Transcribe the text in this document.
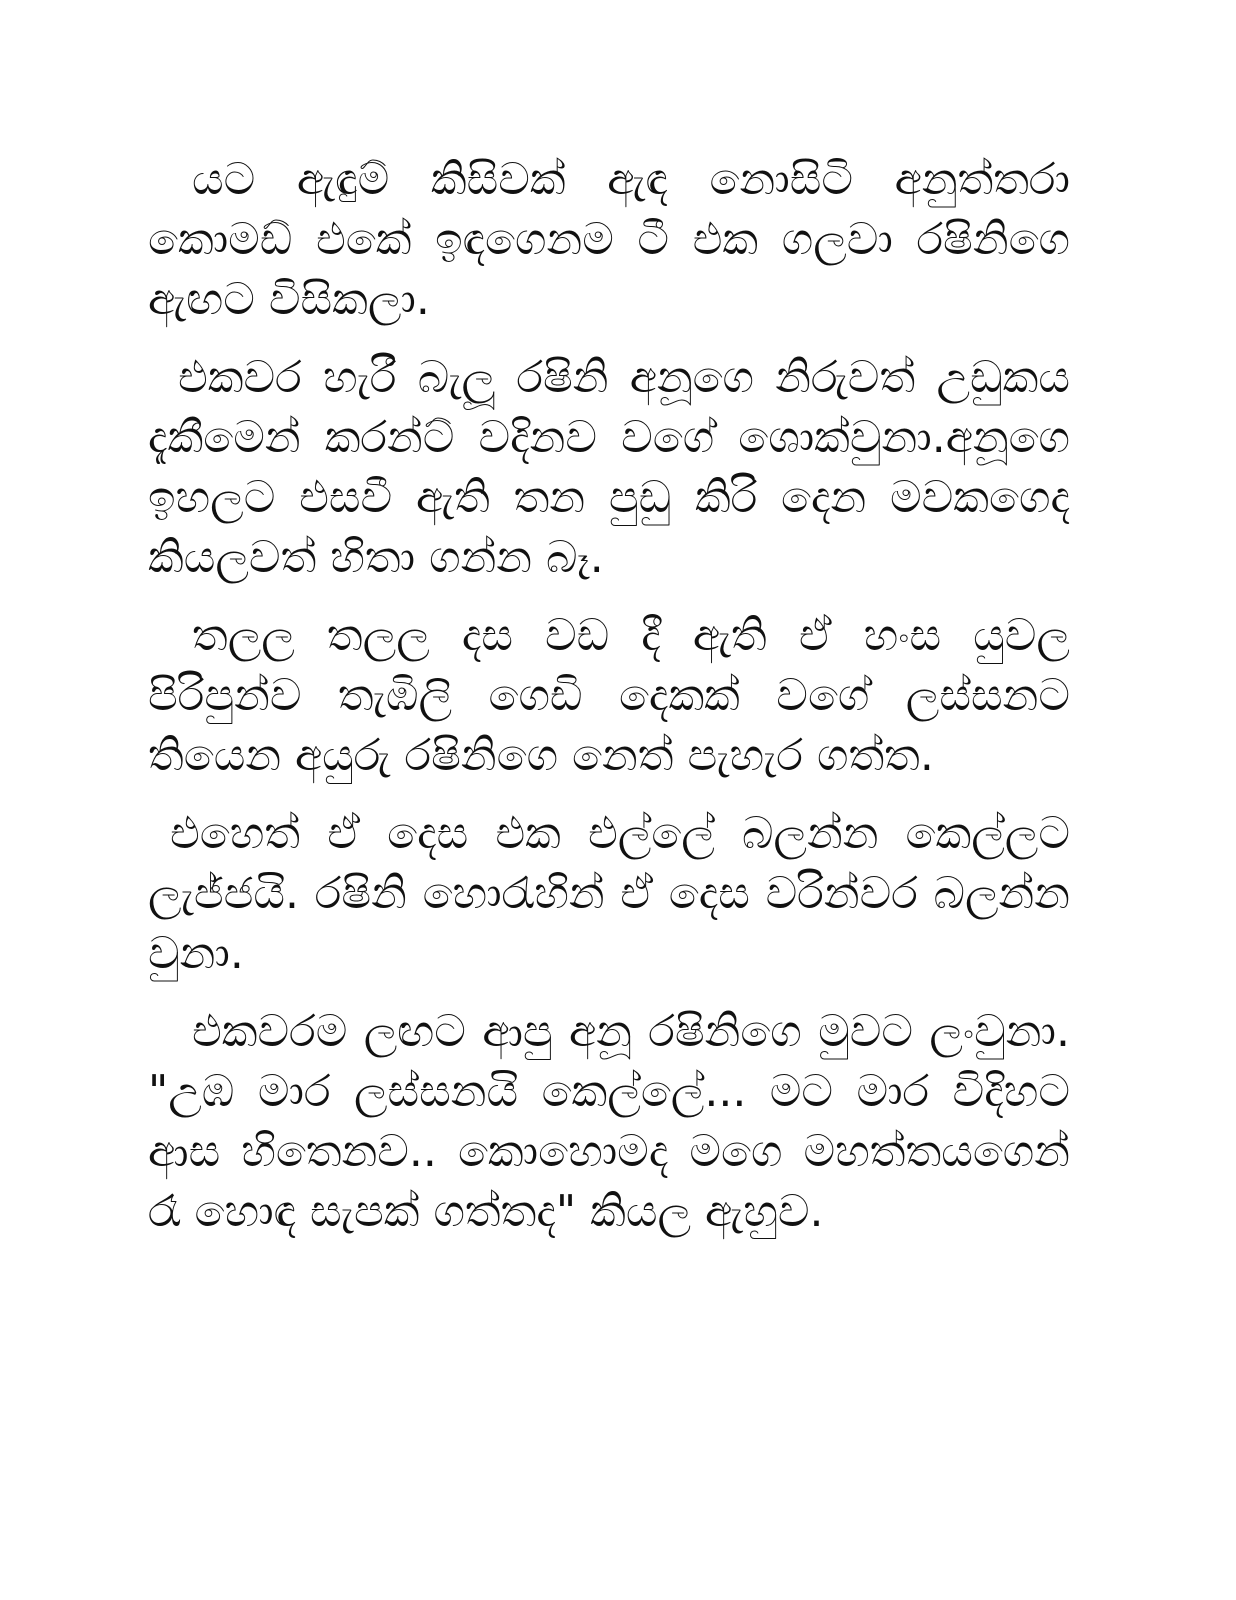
යට ඇඳුම් කිසිවක් ඇඳ නොසිටි අනුත්තරා කොමඩ් එකේ ඉඳගෙනම ටී එක ගලවා රෂිනිගෙ ඇඟට විසිකලා.

එකවර හැරී බැලූ රෂිනි අනූගෙ නිරුවත් උඩුකය දැකීමෙන් කරන්ට් වදිනව වගේ ශොක්වුනා.අනූගෙ ඉහලට එසවී ඇති තන පුඩු කිරි දෙන මවකගෙද කියලවත් හිතා ගන්න බෑ.

තලල තලල දස වඩ දී ඇති ඒ හංස යුවල පිරිපුන්ව තැඹිලි ගෙඩි දෙකක් වගේ ලස්සනට තියෙන අයුරු රෂිනිගෙ නෙත් පැහැර ගත්ත.

එහෙත් ඒ දෙස එක එල්ලේ බලන්න කෙල්ලට ලැජ්ජයි. රෂිනි හොරැහින් ඒ දෙස වරින්වර බලන්න වුනා.

එකවරම ලඟට ආපු අනූ රෂිනිගෙ මුවට ලංවුනා. "උඹ මාර ලස්සනයි කෙල්ලේ... මට මාර විදිහට ආස හිතෙනව.. කොහොමද මගෙ මහත්තයගෙන් රෑ හොඳ සැපක් ගත්තද" කියල ඇහුව.
